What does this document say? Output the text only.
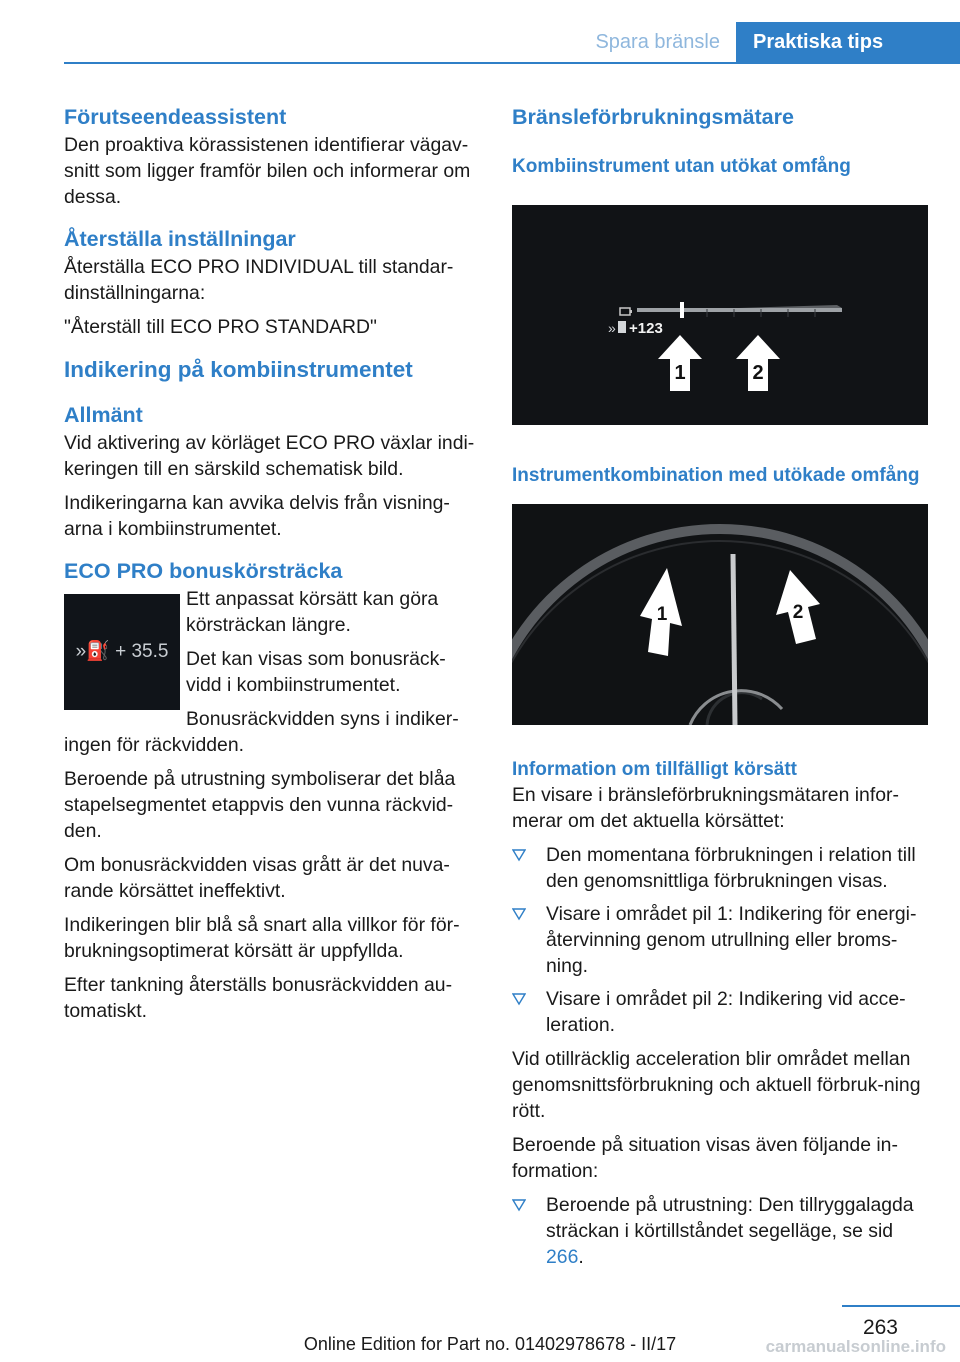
Spara bränsle	Praktiska tips
Förutseendeassistent

Den proaktiva körassistenen identifierar vägav-snitt som ligger framför bilen och informerar om dessa.

Återställa inställningar

Återställa ECO PRO INDIVIDUAL till standar-dinställningarna:

"Återställ till ECO PRO STANDARD"

Indikering på kombiinstrumentet
Allmänt

Vid aktivering av körläget ECO PRO växlar indi-keringen till en särskild schematisk bild.

Indikeringarna kan avvika delvis från visning-arna i kombiinstrumentet.

ECO PRO bonuskörsträcka
»⛽ + 35.5

Ett anpassat körsätt kan göra körsträckan längre.

Det kan visas som bonusräck-vidd i kombiinstrumentet.

Bonusräckvidden syns i indiker-ingen för räckvidden.

Beroende på utrustning symboliserar det blåa stapelsegmentet etappvis den vunna räckvid-den.

Om bonusräckvidden visas grått är det nuva-rande körsättet ineffektivt.

Indikeringen blir blå så snart alla villkor för för-brukningsoptimerat körsätt är uppfyllda.

Efter tankning återställs bonusräckvidden au-tomatiskt.

Bränsleförbrukningsmätare
Kombiinstrument utan utökat omfång
» +123
1	2
Instrumentkombination med utökade omfång
1	2
Information om tillfälligt körsätt

En visare i bränsleförbrukningsmätaren infor-merar om det aktuella körsättet:

Den momentana förbrukningen i relation till den genomsnittliga förbrukningen visas.
Visare i området pil 1: Indikering för energi-återvinning genom utrullning eller broms-ning.
Visare i området pil 2: Indikering vid acce-leration.

Vid otillräcklig acceleration blir området mellan genomsnittsförbrukning och aktuell förbruk-ning rött.

Beroende på situation visas även följande in-formation:

Beroende på utrustning: Den tillryggalagda sträckan i körtillståndet segelläge, se sid 266.
263
Online Edition for Part no. 01402978678 - II/17	carmanualsonline.info
